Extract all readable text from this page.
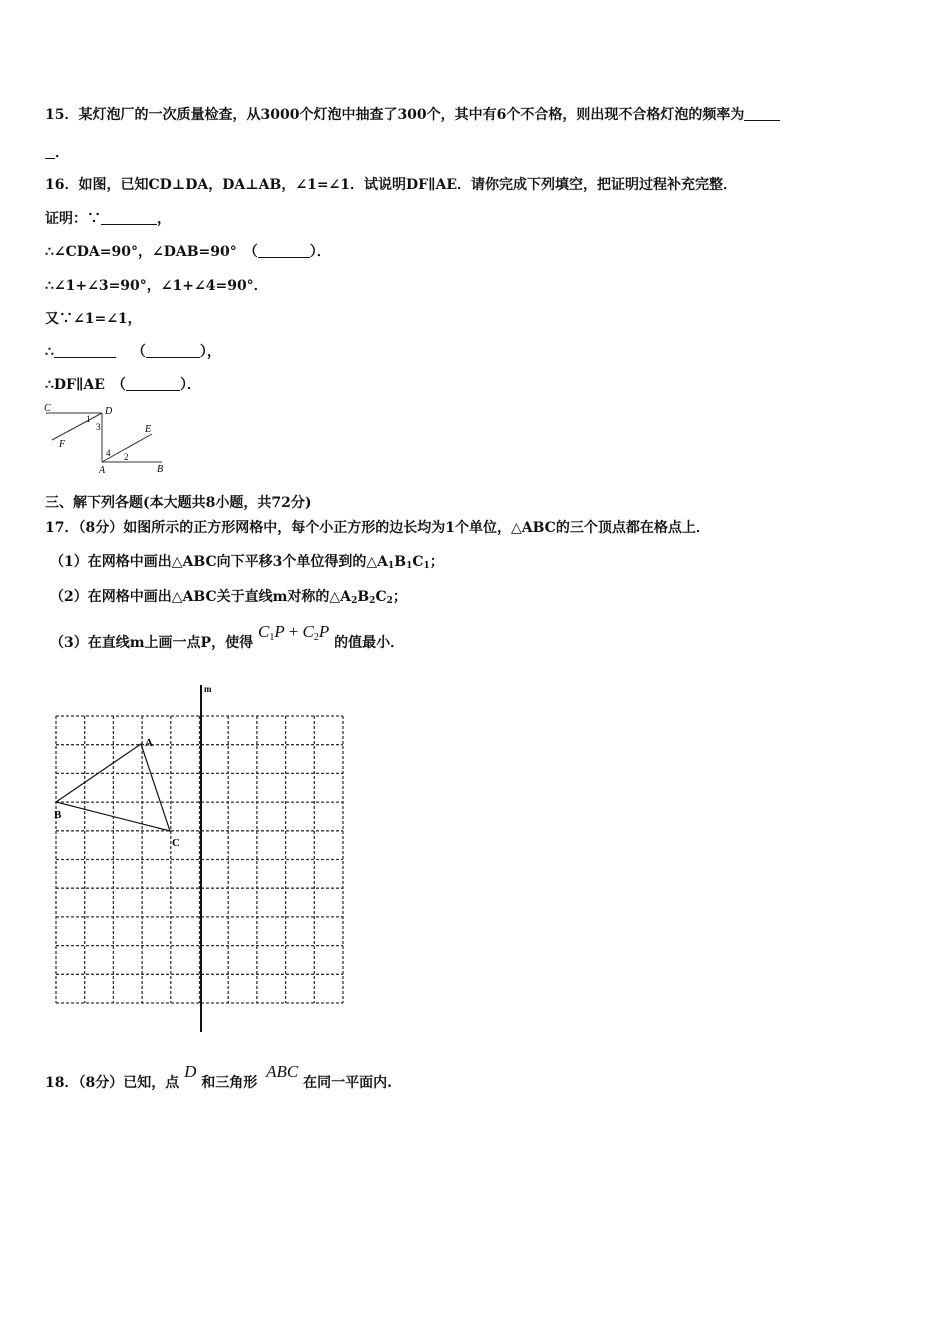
15．某灯泡厂的一次质量检查，从3000个灯泡中抽查了300个，其中有6个不合格，则出现不合格灯泡的频率为
．
16．如图，已知CD⊥DA，DA⊥AB，∠1=∠1．试说明DF∥AE．请你完成下列填空，把证明过程补充完整．
证明：∵	，
∴∠CDA=90°，∠DAB=90°　（	）．
∴∠1+∠3=90°，∠1+∠4=90°．
又∵∠1=∠1，
∴	（	），
∴DF∥AE　（	）．
C	D
F
E
A	B
1
3
4 2
三、解下列各题(本大题共8小题，共72分)
17．（8分）如图所示的正方形网格中，每个小正方形的边长均为1个单位，△ABC的三个顶点都在格点上．
（1）在网格中画出△ABC向下平移3个单位得到的$\triangle A_1B_1C_1$；
（2）在网格中画出△ABC关于直线m对称的$\triangle A_2B_2C_2$；
（3）在直线m上画一点P，使得 C1P + C2P 的值最小．
m
A
B
C
18．（8分）已知，点 D 和三角形 ABC 在同一平面内.
